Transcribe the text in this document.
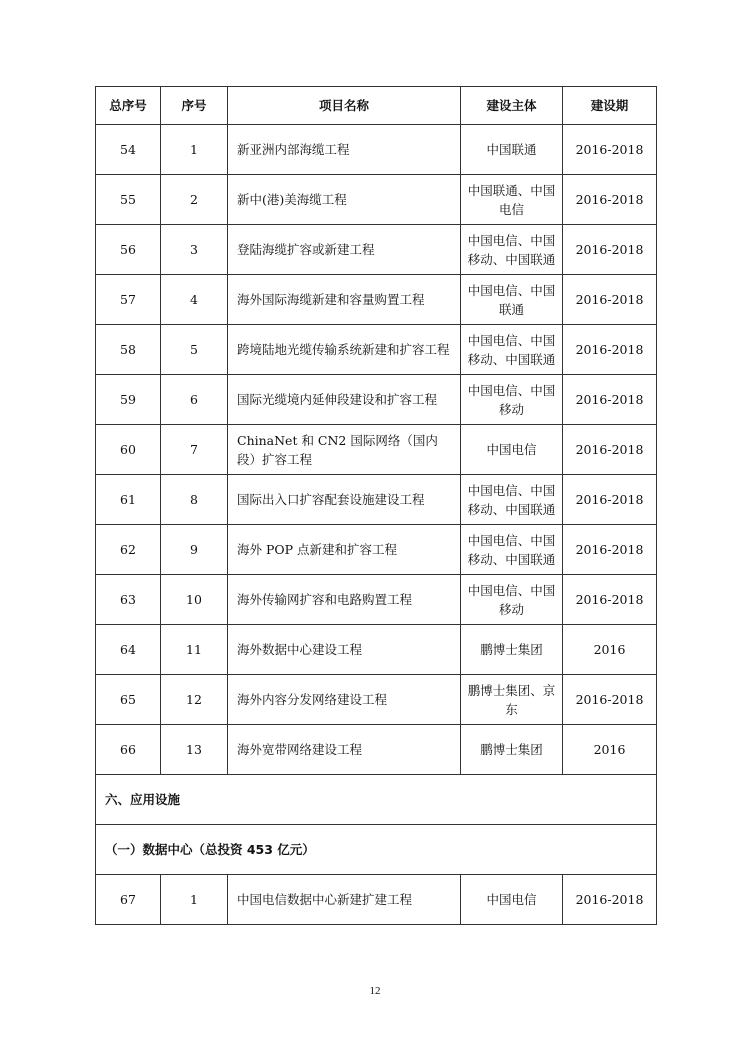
总序号	序号	项目名称	建设主体	建设期
54	1	新亚洲内部海缆工程	中国联通	2016-2018
55	2	新中(港)美海缆工程	中国联通、中国电信	2016-2018
56	3	登陆海缆扩容或新建工程	中国电信、中国移动、中国联通	2016-2018
57	4	海外国际海缆新建和容量购置工程	中国电信、中国联通	2016-2018
58	5	跨境陆地光缆传输系统新建和扩容工程	中国电信、中国移动、中国联通	2016-2018
59	6	国际光缆境内延伸段建设和扩容工程	中国电信、中国移动	2016-2018
60	7	ChinaNet 和 CN2 国际网络（国内段）扩容工程	中国电信	2016-2018
61	8	国际出入口扩容配套设施建设工程	中国电信、中国移动、中国联通	2016-2018
62	9	海外 POP 点新建和扩容工程	中国电信、中国移动、中国联通	2016-2018
63	10	海外传输网扩容和电路购置工程	中国电信、中国移动	2016-2018
64	11	海外数据中心建设工程	鹏博士集团	2016
65	12	海外内容分发网络建设工程	鹏博士集团、京东	2016-2018
66	13	海外宽带网络建设工程	鹏博士集团	2016
六、应用设施				
（一）数据中心（总投资 453 亿元）				
67	1	中国电信数据中心新建扩建工程	中国电信	2016-2018
12
